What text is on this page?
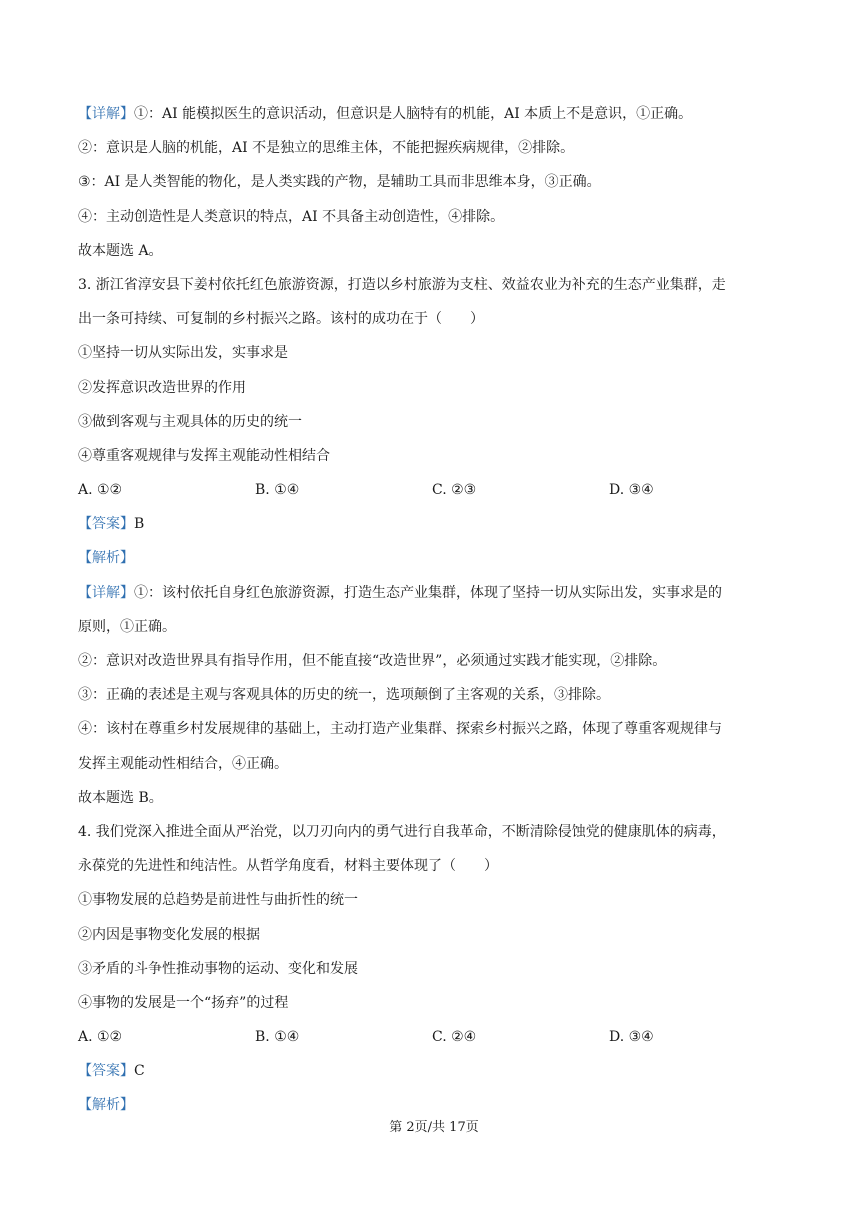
【详解】①：AI 能模拟医生的意识活动，但意识是人脑特有的机能，AI 本质上不是意识，①正确。
②：意识是人脑的机能，AI 不是独立的思维主体，不能把握疾病规律，②排除。
③：AI 是人类智能的物化，是人类实践的产物，是辅助工具而非思维本身，③正确。
④：主动创造性是人类意识的特点，AI 不具备主动创造性，④排除。
故本题选 A。
3. 浙江省淳安县下姜村依托红色旅游资源，打造以乡村旅游为支柱、效益农业为补充的生态产业集群，走
出一条可持续、可复制的乡村振兴之路。该村的成功在于（　　）
①坚持一切从实际出发，实事求是
②发挥意识改造世界的作用
③做到客观与主观具体的历史的统一
④尊重客观规律与发挥主观能动性相结合
A. ①②	B. ①④	C. ②③	D. ③④
【答案】B
【解析】
【详解】①：该村依托自身红色旅游资源，打造生态产业集群，体现了坚持一切从实际出发，实事求是的
原则，①正确。
②：意识对改造世界具有指导作用，但不能直接“改造世界”，必须通过实践才能实现，②排除。
③：正确的表述是主观与客观具体的历史的统一，选项颠倒了主客观的关系，③排除。
④：该村在尊重乡村发展规律的基础上，主动打造产业集群、探索乡村振兴之路，体现了尊重客观规律与
发挥主观能动性相结合，④正确。
故本题选 B。
4. 我们党深入推进全面从严治党，以刀刃向内的勇气进行自我革命，不断清除侵蚀党的健康肌体的病毒，
永葆党的先进性和纯洁性。从哲学角度看，材料主要体现了（　　）
①事物发展的总趋势是前进性与曲折性的统一
②内因是事物变化发展的根据
③矛盾的斗争性推动事物的运动、变化和发展
④事物的发展是一个“扬弃”的过程
A. ①②	B. ①④	C. ②④	D. ③④
【答案】C
【解析】
第 2页/共 17页
